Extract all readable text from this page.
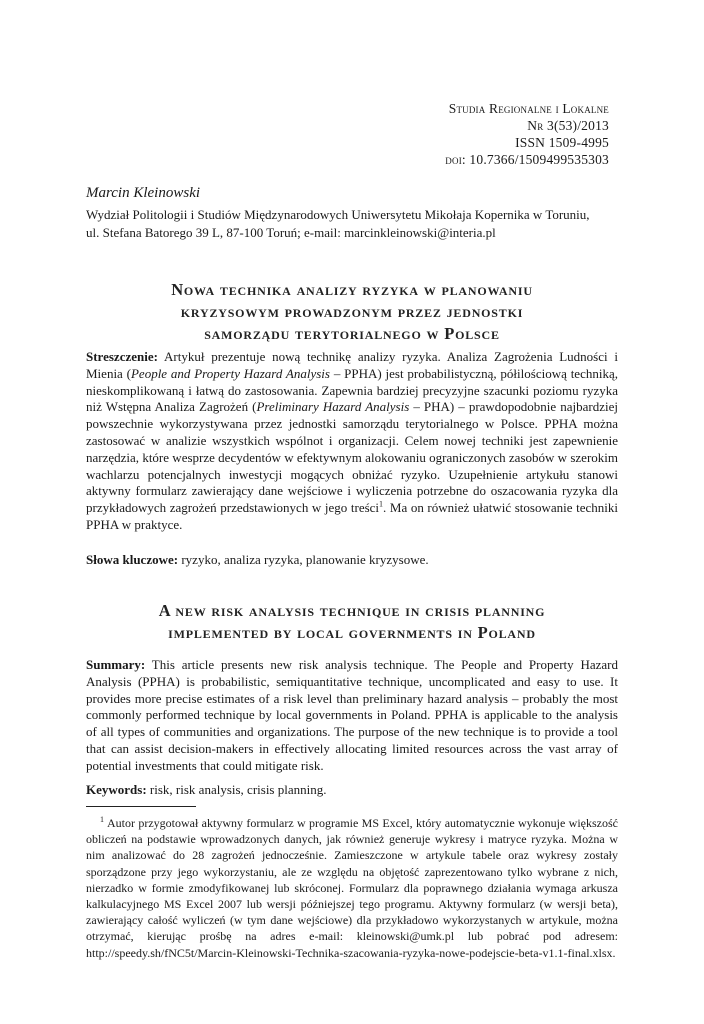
Studia Regionalne i Lokalne
Nr 3(53)/2013
ISSN 1509-4995
doi: 10.7366/1509499535303
Marcin Kleinowski
Wydział Politologii i Studiów Międzynarodowych Uniwersytetu Mikołaja Kopernika w Toruniu,
ul. Stefana Batorego 39 L, 87-100 Toruń; e-mail: marcinkleinowski@interia.pl
Nowa technika analizy ryzyka w planowaniu
kryzysowym prowadzonym przez jednostki
samorządu terytorialnego w Polsce
Streszczenie: Artykuł prezentuje nową technikę analizy ryzyka. Analiza Zagrożenia Ludności i Mienia (People and Property Hazard Analysis – PPHA) jest probabilistyczną, półilościową techniką, nieskomplikowaną i łatwą do zastosowania. Zapewnia bardziej precyzyjne szacunki poziomu ryzyka niż Wstępna Analiza Zagrożeń (Preliminary Hazard Analysis – PHA) – prawdopodobnie najbardziej powszechnie wykorzystywana przez jednostki samorządu terytorialnego w Polsce. PPHA można zastosować w analizie wszystkich wspólnot i organizacji. Celem nowej techniki jest zapewnienie narzędzia, które wesprze decydentów w efektywnym alokowaniu ograniczonych zasobów w szerokim wachlarzu potencjalnych inwestycji mogących obniżać ryzyko. Uzupełnienie artykułu stanowi aktywny formularz zawierający dane wejściowe i wyliczenia potrzebne do oszacowania ryzyka dla przykładowych zagrożeń przedstawionych w jego treści$^1$. Ma on również ułatwić stosowanie techniki PPHA w praktyce.
Słowa kluczowe: ryzyko, analiza ryzyka, planowanie kryzysowe.
A new risk analysis technique in crisis planning
implemented by local governments in Poland
Summary: This article presents new risk analysis technique. The People and Property Hazard Analysis (PPHA) is probabilistic, semiquantitative technique, uncomplicated and easy to use. It provides more precise estimates of a risk level than preliminary hazard analysis – probably the most commonly performed technique by local governments in Poland. PPHA is applicable to the analysis of all types of communities and organizations. The purpose of the new technique is to provide a tool that can assist decision-makers in effectively allocating limited resources across the vast array of potential investments that could mitigate risk.
Keywords: risk, risk analysis, crisis planning.
$^1$ Autor przygotował aktywny formularz w programie MS Excel, który automatycznie wykonuje większość obliczeń na podstawie wprowadzonych danych, jak również generuje wykresy i matryce ryzyka. Można w nim analizować do 28 zagrożeń jednocześnie. Zamieszczone w artykule tabele oraz wykresy zostały sporządzone przy jego wykorzystaniu, ale ze względu na objętość zaprezentowano tylko wybrane z nich, nierzadko w formie zmodyfikowanej lub skróconej. Formularz dla poprawnego działania wymaga arkusza kalkulacyjnego MS Excel 2007 lub wersji późniejszej tego programu. Aktywny formularz (w wersji beta), zawierający całość wyliczeń (w tym dane wejściowe) dla przykładowo wykorzystanych w artykule, można otrzymać, kierując prośbę na adres e-mail: kleinowski@umk.pl lub pobrać pod adresem: http://speedy.sh/fNC5t/Marcin-Kleinowski-Technika-szacowania-ryzyka-nowe-podejscie-beta-v1.1-final.xlsx.
